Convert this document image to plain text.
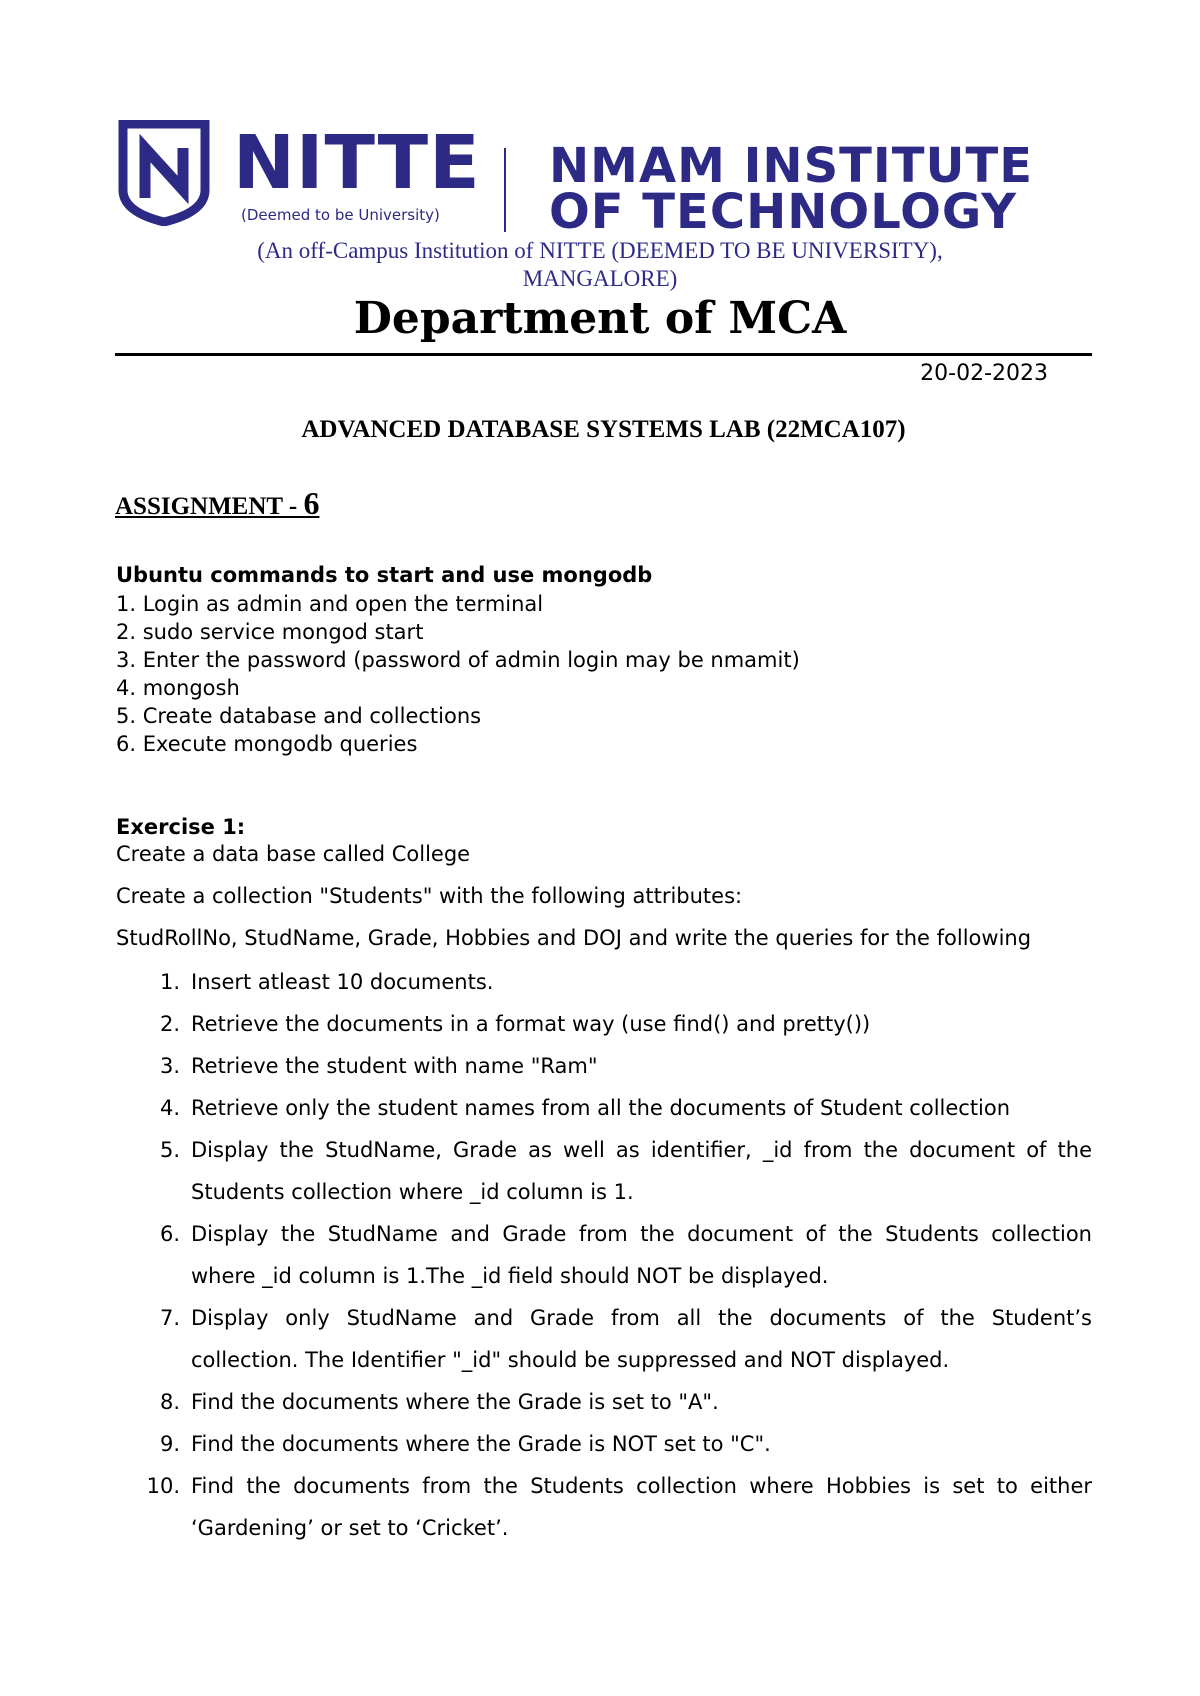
NITTE
(Deemed to be University)
NMAM INSTITUTE
OF TECHNOLOGY
(An off-Campus Institution of NITTE (DEEMED TO BE UNIVERSITY),
MANGALORE)
Department of MCA
20-02-2023
ADVANCED DATABASE SYSTEMS LAB (22MCA107)
ASSIGNMENT - 6
Ubuntu commands to start and use mongodb
1. Login as admin and open the terminal
2. sudo service mongod start
3. Enter the password (password of admin login may be nmamit)
4. mongosh
5. Create database and collections
6. Execute mongodb queries
Exercise 1:
Create a data base called College
Create a collection "Students" with the following attributes:
StudRollNo, StudName, Grade, Hobbies and DOJ and write the queries for the following
1. Insert atleast 10 documents.
2. Retrieve the documents in a format way (use find() and pretty())
3. Retrieve the student with name "Ram"
4. Retrieve only the student names from all the documents of Student collection
5. Display the StudName, Grade as well as identifier, _id from the document of the Students collection where _id column is 1.
6. Display the StudName and Grade from the document of the Students collection where _id column is 1.The _id field should NOT be displayed.
7. Display only StudName and Grade from all the documents of the Student’s collection. The Identifier "_id" should be suppressed and NOT displayed.
8. Find the documents where the Grade is set to "A".
9. Find the documents where the Grade is NOT set to "C".
10. Find the documents from the Students collection where Hobbies is set to either ‘Gardening’ or set to ‘Cricket’.
